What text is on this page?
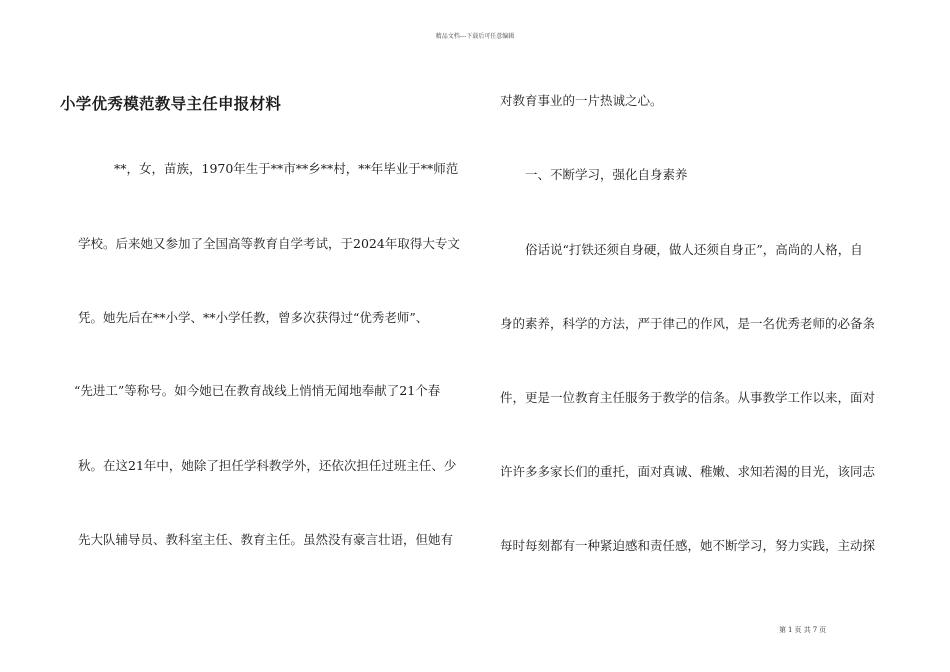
精品文档---下载后可任意编辑
小学优秀模范教导主任申报材料
**，女，苗族，1970年生于**市**乡**村，**年毕业于**师范
学校。后来她又参加了全国高等教育自学考试，于2024年取得大专文
凭。她先后在**小学、**小学任教，曾多次获得过“优秀老师”、
“先进工”等称号。如今她已在教育战线上悄悄无闻地奉献了21个春
秋。在这21年中，她除了担任学科教学外，还依次担任过班主任、少
先大队辅导员、教科室主任、教育主任。虽然没有豪言壮语，但她有
对教育事业的一片热诚之心。
一、不断学习，强化自身素养
俗话说“打铁还须自身硬，做人还须自身正”，高尚的人格，自
身的素养，科学的方法，严于律己的作风，是一名优秀老师的必备条
件，更是一位教育主任服务于教学的信条。从事教学工作以来，面对
许许多多家长们的重托，面对真诚、稚嫩、求知若渴的目光，该同志
每时每刻都有一种紧迫感和责任感，她不断学习，努力实践，主动探
第 1 页 共 7 页
